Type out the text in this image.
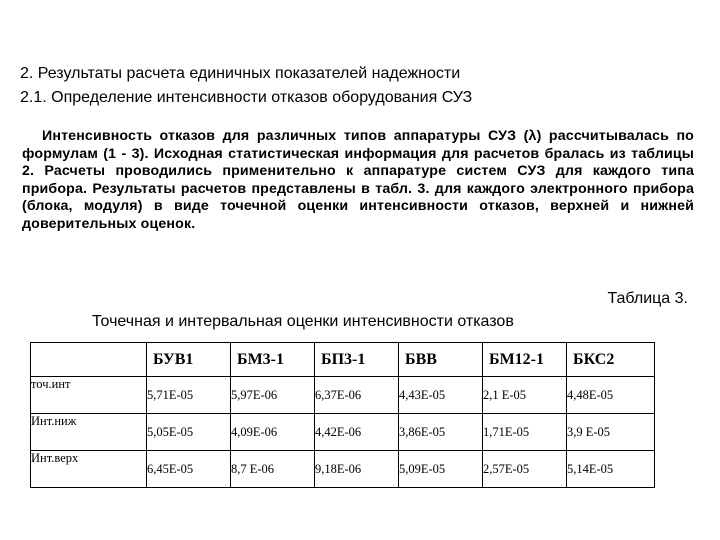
2. Результаты расчета единичных показателей надежности
2.1. Определение интенсивности отказов оборудования СУЗ
Интенсивность отказов для различных типов аппаратуры СУЗ (λ) рассчитывалась по формулам (1 - 3). Исходная статистическая информация для расчетов бралась из таблицы 2. Расчеты проводились применительно к аппаратуре систем СУЗ для каждого типа прибора. Результаты расчетов представлены в табл. 3. для каждого электронного прибора (блока, модуля) в виде точечной оценки интенсивности отказов, верхней и нижней доверительных оценок.
Таблица 3.
Точечная и интервальная оценки интенсивности отказов
	БУВ1	БМ3-1	БП3-1	БВВ	БМ12-1	БКС2
точ.инт	5,71E-05	5,97E-06	6,37E-06	4,43E-05	2,1 E-05	4,48E-05
Инт.ниж	5,05E-05	4,09E-06	4,42E-06	3,86E-05	1,71E-05	3,9 E-05
Инт.верх	6,45E-05	8,7 E-06	9,18E-06	5,09E-05	2,57E-05	5,14E-05
